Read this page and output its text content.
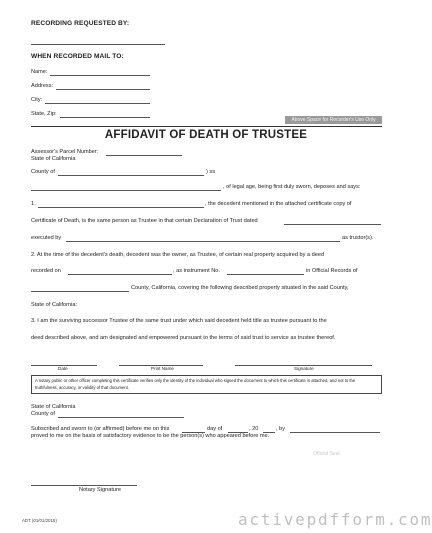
RECORDING REQUESTED BY:
WHEN RECORDED MAIL TO:
Name:
Address:
City:
State, Zip:
Above Space for Recorder's Use Only
AFFIDAVIT OF DEATH OF TRUSTEE
Assessor's Parcel Number:
State of California
County of	) ss
, of legal age, being first duly sworn, deposes and says:
1.	, the decedent mentioned in the attached certificate copy of
Certificate of Death, is the same person as Trustee in that certain Declaration of Trust dated
executed by	as trustor(s).
2. At the time of the decedent's death, decedent was the owner, as Trustee, of certain real property acquired by a deed
recorded on	, as instrument No.	in Official Records of
County, California, covering the following described property situated in the said County,
State of California:
3. I am the surviving successor Trustee of the same trust under which said decedent held title as trustee pursuant to the
deed described above, and am designated and empowered pursuant to the terms of said trust to service as trustee thereof.
Date	Print Name	Signature
A notary public or other officer completing this certificate verifies only the identity of the individual who signed the document to which this certificate is attached, and not to the truthfulness, accuracy, or validity of that document.
State of California
County of
Subscribed and sworn to (or affirmed) before me on this	day of	, 20	, by
proved to me on the basis of satisfactory evidence to be the person(s) who appeared before me.
Official Seal
Notary Signature
ADT (01/01/2015)	activepdfform.com
